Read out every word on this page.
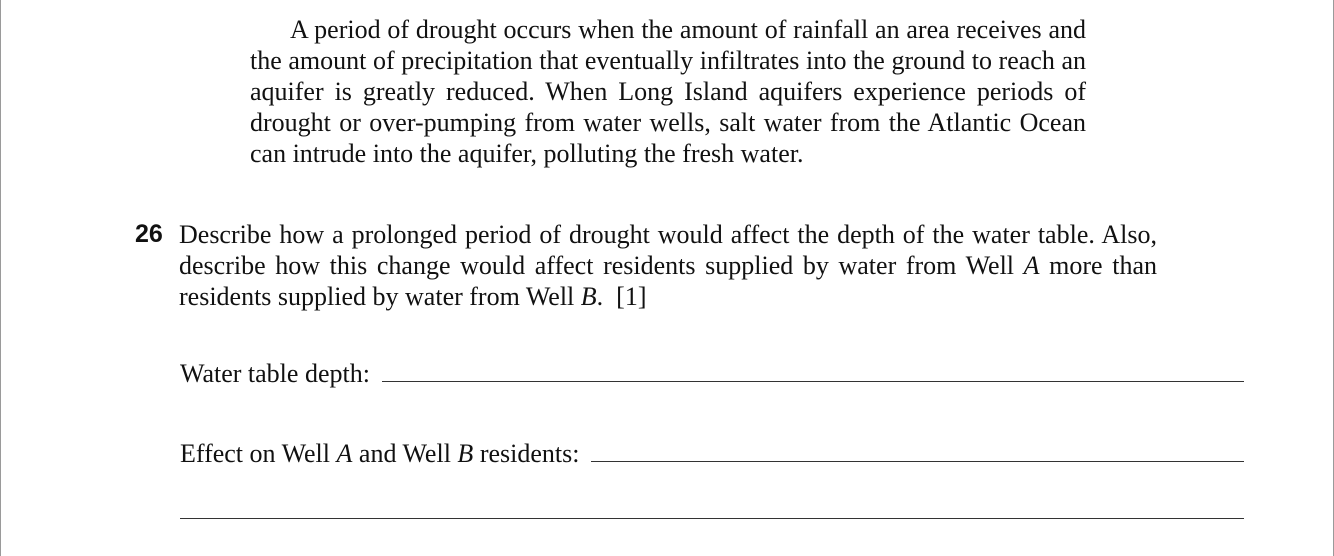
A period of drought occurs when the amount of rainfall an area receives and the amount of precipitation that eventually infiltrates into the ground to reach an aquifer is greatly reduced. When Long Island aquifers experience periods of drought or over-pumping from water wells, salt water from the Atlantic Ocean can intrude into the aquifer, polluting the fresh water.

26 Describe how a prolonged period of drought would affect the depth of the water table. Also, describe how this change would affect residents supplied by water from Well A more than residents supplied by water from Well B. [1]
Water table depth:
Effect on Well A and Well B residents:
